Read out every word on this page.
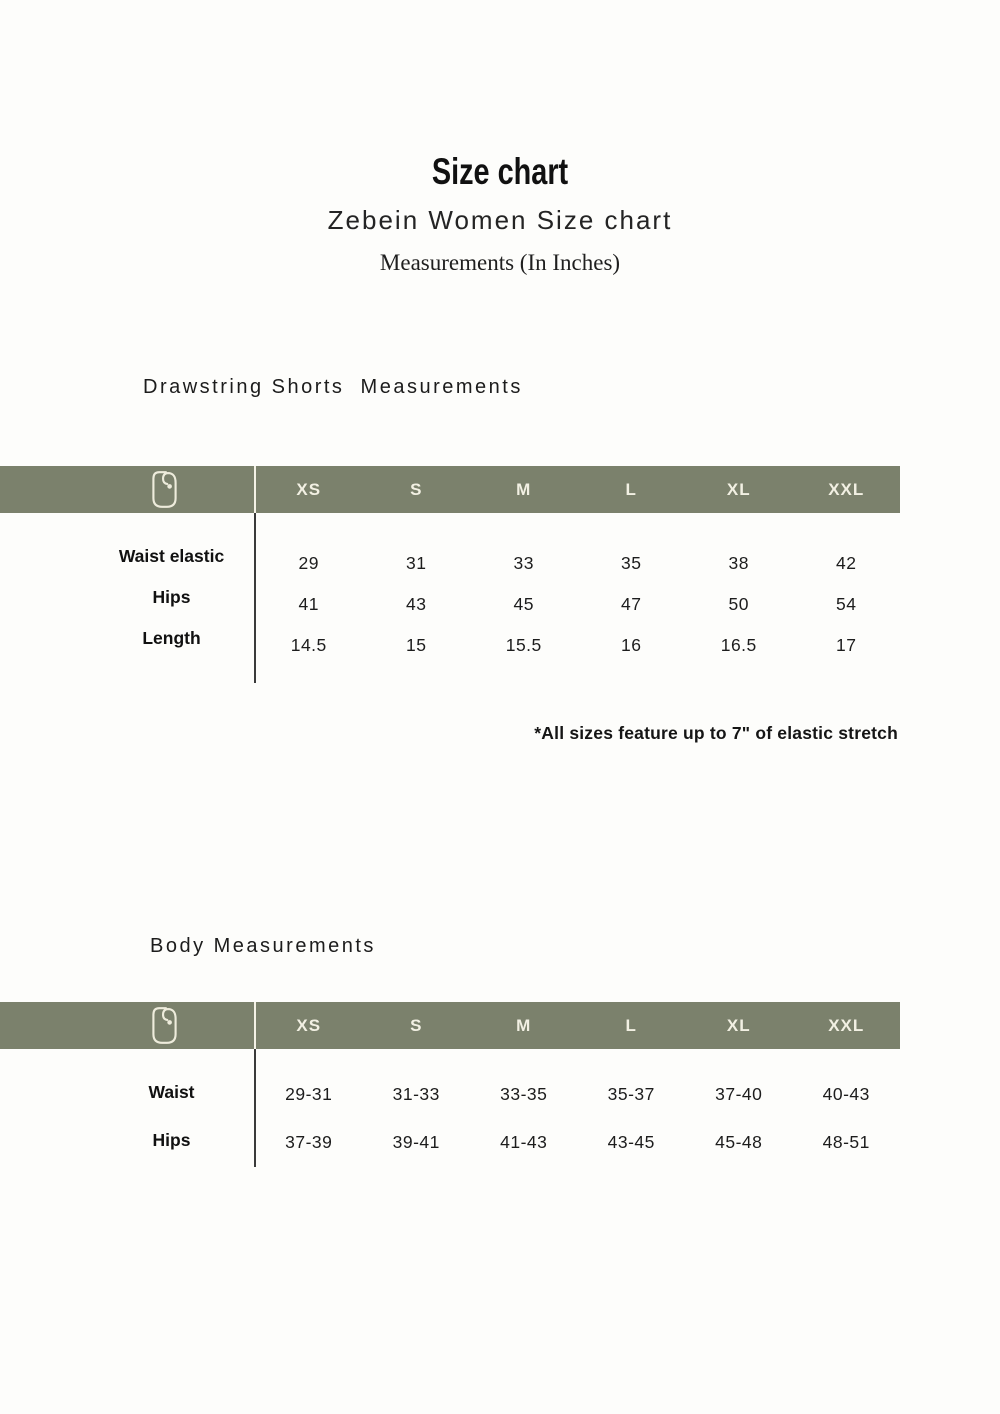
Size chart
Zebein Women Size chart
Measurements (In Inches)
Drawstring Shorts  Measurements
XS	S	M	L	XL	XXL
Waist elastic	29	31	33	35	38	42
Hips	41	43	45	47	50	54
Length	14.5	15	15.5	16	16.5	17
*All sizes feature up to 7" of elastic stretch
Body Measurements
XS	S	M	L	XL	XXL
Waist	29-31	31-33	33-35	35-37	37-40	40-43
Hips	37-39	39-41	41-43	43-45	45-48	48-51
